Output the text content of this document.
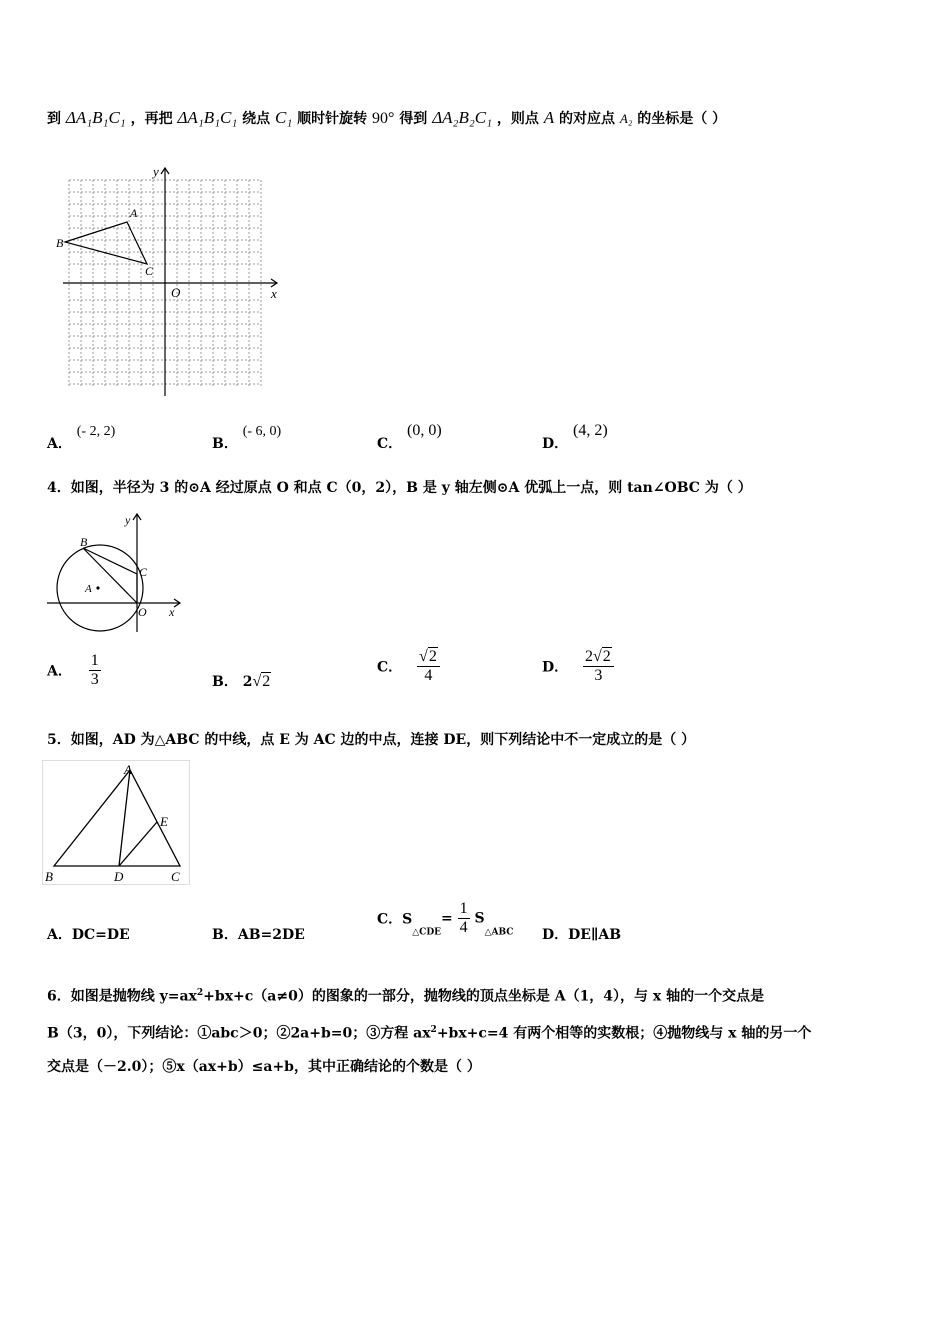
到 ΔA₁B₁C₁ ，再把 ΔA₁B₁C₁ 绕点 C₁ 顺时针旋转 90° 得到 ΔA₂B₂C₁ ，则点 A 的对应点 A₂ 的坐标是（ ）
y
x
O
A
B
C
A． (- 2, 2)
B． (- 6, 0)
C． (0, 0)
D． (4, 2)
4．如图，半径为 3 的⊙A 经过原点 O 和点 C（0，2），B 是 y 轴左侧⊙A 优弧上一点，则 tan∠OBC 为（ ）
y
x
O
A
B
C
A． $\frac{1}{3}$	B． 2√2
C． $\frac{√2}{4}$	D． $\frac{2√2}{3}$
5．如图，AD 为△ABC 的中线，点 E 为 AC 边的中点，连接 DE，则下列结论中不一定成立的是（ ）
A
B	C
D
E
A．DC=DE	B．AB=2DE
C．$S_{\triangle CDE}= \frac{1}{4} S_{\triangle ABC}$ D．DE∥AB
6．如图是抛物线 $y=ax^2+bx+c(a\ne 0)$的图象的一部分，抛物线的顶点坐标是 A（1，4），与 x 轴的一个交点是
B（3，0），下列结论：①abc＞0；②2a+b=0；③方程 $ax^2+bx+c=4$ 有两个相等的实数根；④抛物线与 x 轴的另一个
交点是（－2.0）；⑤x（ax+b）≤a+b，其中正确结论的个数是（ ）
